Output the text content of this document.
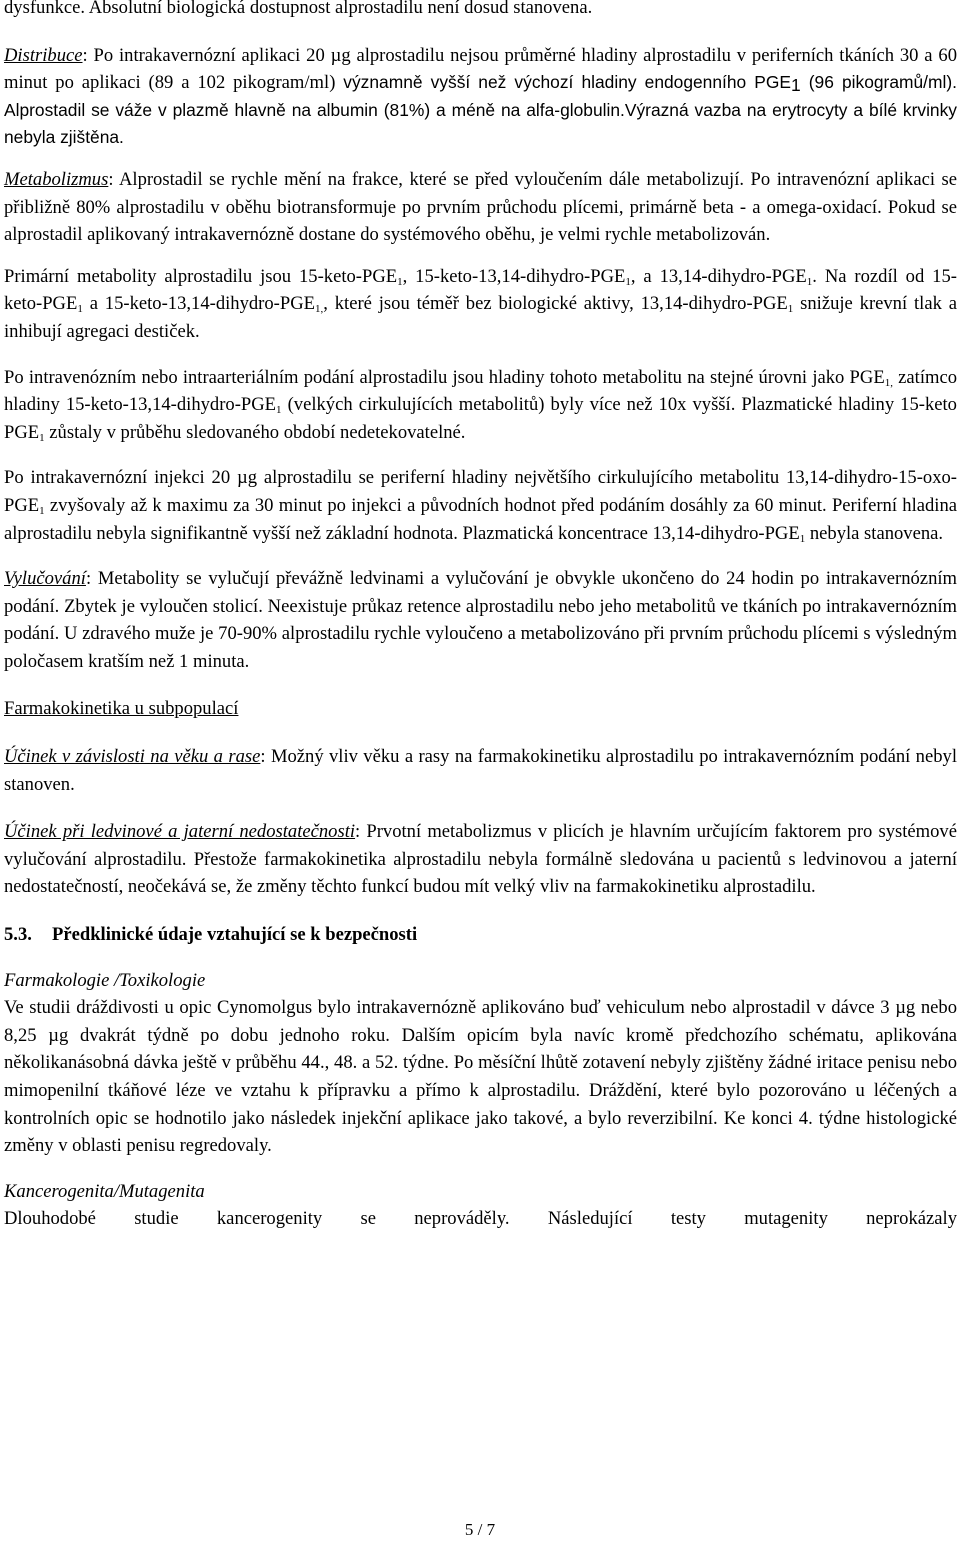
dysfunkce. Absolutní biologická dostupnost alprostadilu není dosud stanovena.

Distribuce: Po intrakavernózní aplikaci 20 µg alprostadilu nejsou průměrné hladiny alprostadilu v periferních tkáních 30 a 60 minut po aplikaci (89 a 102 pikogram/ml) významně vyšší než výchozí hladiny endogenního $PGE_1$ (96 pikogramů/ml). Alprostadil se váže v plazmě hlavně na albumin (81%) a méně na alfa-globulin.Výrazná vazba na erytrocyty a bílé krvinky nebyla zjištěna.

Metabolizmus: Alprostadil se rychle mění na frakce, které se před vyloučením dále metabolizují. Po intravenózní aplikaci se přibližně 80% alprostadilu v oběhu biotransformuje po prvním průchodu plícemi, primárně beta - a omega-oxidací. Pokud se alprostadil aplikovaný intrakavernózně dostane do systémového oběhu, je velmi rychle metabolizován.

Primární metabolity alprostadilu jsou $15-keto-PGE_1$, $15-keto-13,14-dihydro-PGE_1$, a $13,14-dihydro-PGE_1$. Na rozdíl od $15-keto-PGE_1$ a $15-keto-13,14-dihydro-PGE_{1,}$, které jsou téměř bez biologické aktivy, $13,14-dihydro-PGE_1$ snižuje krevní tlak a inhibují agregaci destiček.

Po intravenózním nebo intraarteriálním podání alprostadilu jsou hladiny tohoto metabolitu na stejné úrovni jako $PGE_{1,}$ zatímco hladiny $15-keto-13,14-dihydro-PGE_1$ (velkých cirkulujících metabolitů) byly více než 10x vyšší. Plazmatické hladiny 15-keto $PGE_1$ zůstaly v průběhu sledovaného období nedetekovatelné.

Po intrakavernózní injekci 20 µg alprostadilu se periferní hladiny největšího cirkulujícího metabolitu $13,14-dihydro-15-oxo-PGE_1$ zvyšovaly až k maximu za 30 minut po injekci a původních hodnot před podáním dosáhly za 60 minut. Periferní hladina alprostadilu nebyla signifikantně vyšší než základní hodnota. Plazmatická koncentrace $13,14-dihydro-PGE_1$ nebyla stanovena.

Vylučování: Metabolity se vylučují převážně ledvinami a vylučování je obvykle ukončeno do 24 hodin po intrakavernózním podání. Zbytek je vyloučen stolicí. Neexistuje průkaz retence alprostadilu nebo jeho metabolitů ve tkáních po intrakavernózním podání. U zdravého muže je 70-90% alprostadilu rychle vyloučeno a metabolizováno při prvním průchodu plícemi s výsledným poločasem kratším než 1 minuta.

Farmakokinetika u subpopulací

Účinek v závislosti na věku a rase: Možný vliv věku a rasy na farmakokinetiku alprostadilu po intrakavernózním podání nebyl stanoven.

Účinek při ledvinové a jaterní nedostatečnosti: Prvotní metabolizmus v plicích je hlavním určujícím faktorem pro systémové vylučování alprostadilu. Přestože farmakokinetika alprostadilu nebyla formálně sledována u pacientů s ledvinovou a jaterní nedostatečností, neočekává se, že změny těchto funkcí budou mít velký vliv na farmakokinetiku alprostadilu.

5.3. Předklinické údaje vztahující se k bezpečnosti

Farmakologie /Toxikologie
Ve studii dráždivosti u opic Cynomolgus bylo intrakavernózně aplikováno buď vehiculum nebo alprostadil v dávce 3 µg nebo 8,25 µg dvakrát týdně po dobu jednoho roku. Dalším opicím byla navíc kromě předchozího schématu, aplikována několikanásobná dávka ještě v průběhu 44., 48. a 52. týdne. Po měsíční lhůtě zotavení nebyly zjištěny žádné iritace penisu nebo mimopenilní tkáňové léze ve vztahu k přípravku a přímo k alprostadilu. Dráždění, které bylo pozorováno u léčených a kontrolních opic se hodnotilo jako následek injekční aplikace jako takové, a bylo reverzibilní. Ke konci 4. týdne histologické změny v oblasti penisu regredovaly.

Kancerogenita/Mutagenita
Dlouhodobé studie kancerogenity se neprováděly. Následující testy mutagenity neprokázaly

5 / 7
